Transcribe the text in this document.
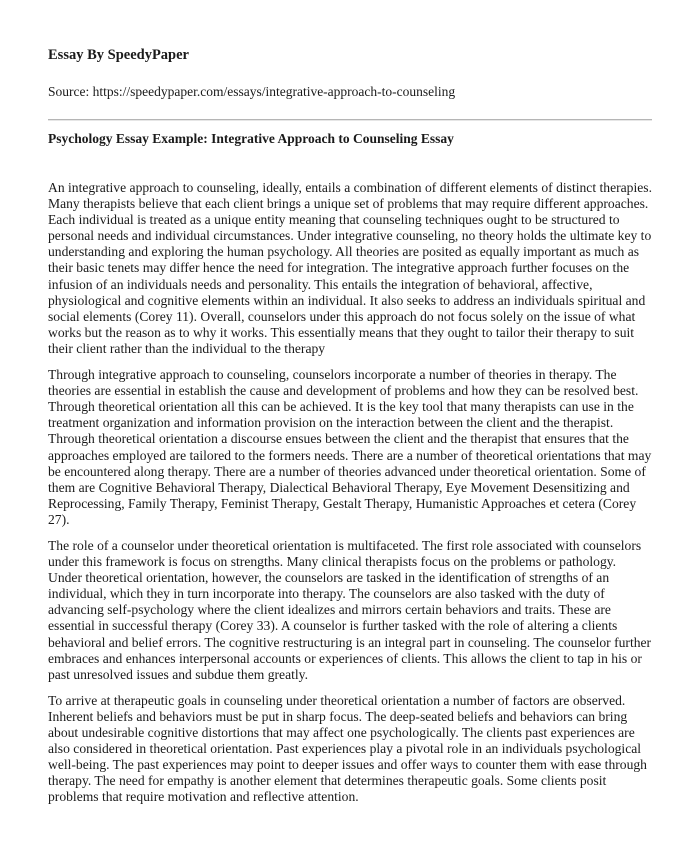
Essay By SpeedyPaper
Source: https://speedypaper.com/essays/integrative-approach-to-counseling
Psychology Essay Example: Integrative Approach to Counseling Essay

An integrative approach to counseling, ideally, entails a combination of different elements of distinct therapies. Many therapists believe that each client brings a unique set of problems that may require different approaches. Each individual is treated as a unique entity meaning that counseling techniques ought to be structured to personal needs and individual circumstances. Under integrative counseling, no theory holds the ultimate key to understanding and exploring the human psychology. All theories are posited as equally important as much as their basic tenets may differ hence the need for integration. The integrative approach further focuses on the infusion of an individuals needs and personality. This entails the integration of behavioral, affective, physiological and cognitive elements within an individual. It also seeks to address an individuals spiritual and social elements (Corey 11). Overall, counselors under this approach do not focus solely on the issue of what works but the reason as to why it works. This essentially means that they ought to tailor their therapy to suit their client rather than the individual to the therapy

Through integrative approach to counseling, counselors incorporate a number of theories in therapy. The theories are essential in establish the cause and development of problems and how they can be resolved best. Through theoretical orientation all this can be achieved. It is the key tool that many therapists can use in the treatment organization and information provision on the interaction between the client and the therapist. Through theoretical orientation a discourse ensues between the client and the therapist that ensures that the approaches employed are tailored to the formers needs. There are a number of theoretical orientations that may be encountered along therapy. There are a number of theories advanced under theoretical orientation. Some of them are Cognitive Behavioral Therapy, Dialectical Behavioral Therapy, Eye Movement Desensitizing and Reprocessing, Family Therapy, Feminist Therapy, Gestalt Therapy, Humanistic Approaches et cetera (Corey 27).

The role of a counselor under theoretical orientation is multifaceted. The first role associated with counselors under this framework is focus on strengths. Many clinical therapists focus on the problems or pathology. Under theoretical orientation, however, the counselors are tasked in the identification of strengths of an individual, which they in turn incorporate into therapy. The counselors are also tasked with the duty of advancing self-psychology where the client idealizes and mirrors certain behaviors and traits. These are essential in successful therapy (Corey 33). A counselor is further tasked with the role of altering a clients behavioral and belief errors. The cognitive restructuring is an integral part in counseling. The counselor further embraces and enhances interpersonal accounts or experiences of clients. This allows the client to tap in his or past unresolved issues and subdue them greatly.

To arrive at therapeutic goals in counseling under theoretical orientation a number of factors are observed. Inherent beliefs and behaviors must be put in sharp focus. The deep-seated beliefs and behaviors can bring about undesirable cognitive distortions that may affect one psychologically. The clients past experiences are also considered in theoretical orientation. Past experiences play a pivotal role in an individuals psychological well-being. The past experiences may point to deeper issues and offer ways to counter them with ease through therapy. The need for empathy is another element that determines therapeutic goals. Some clients posit problems that require motivation and reflective attention.
